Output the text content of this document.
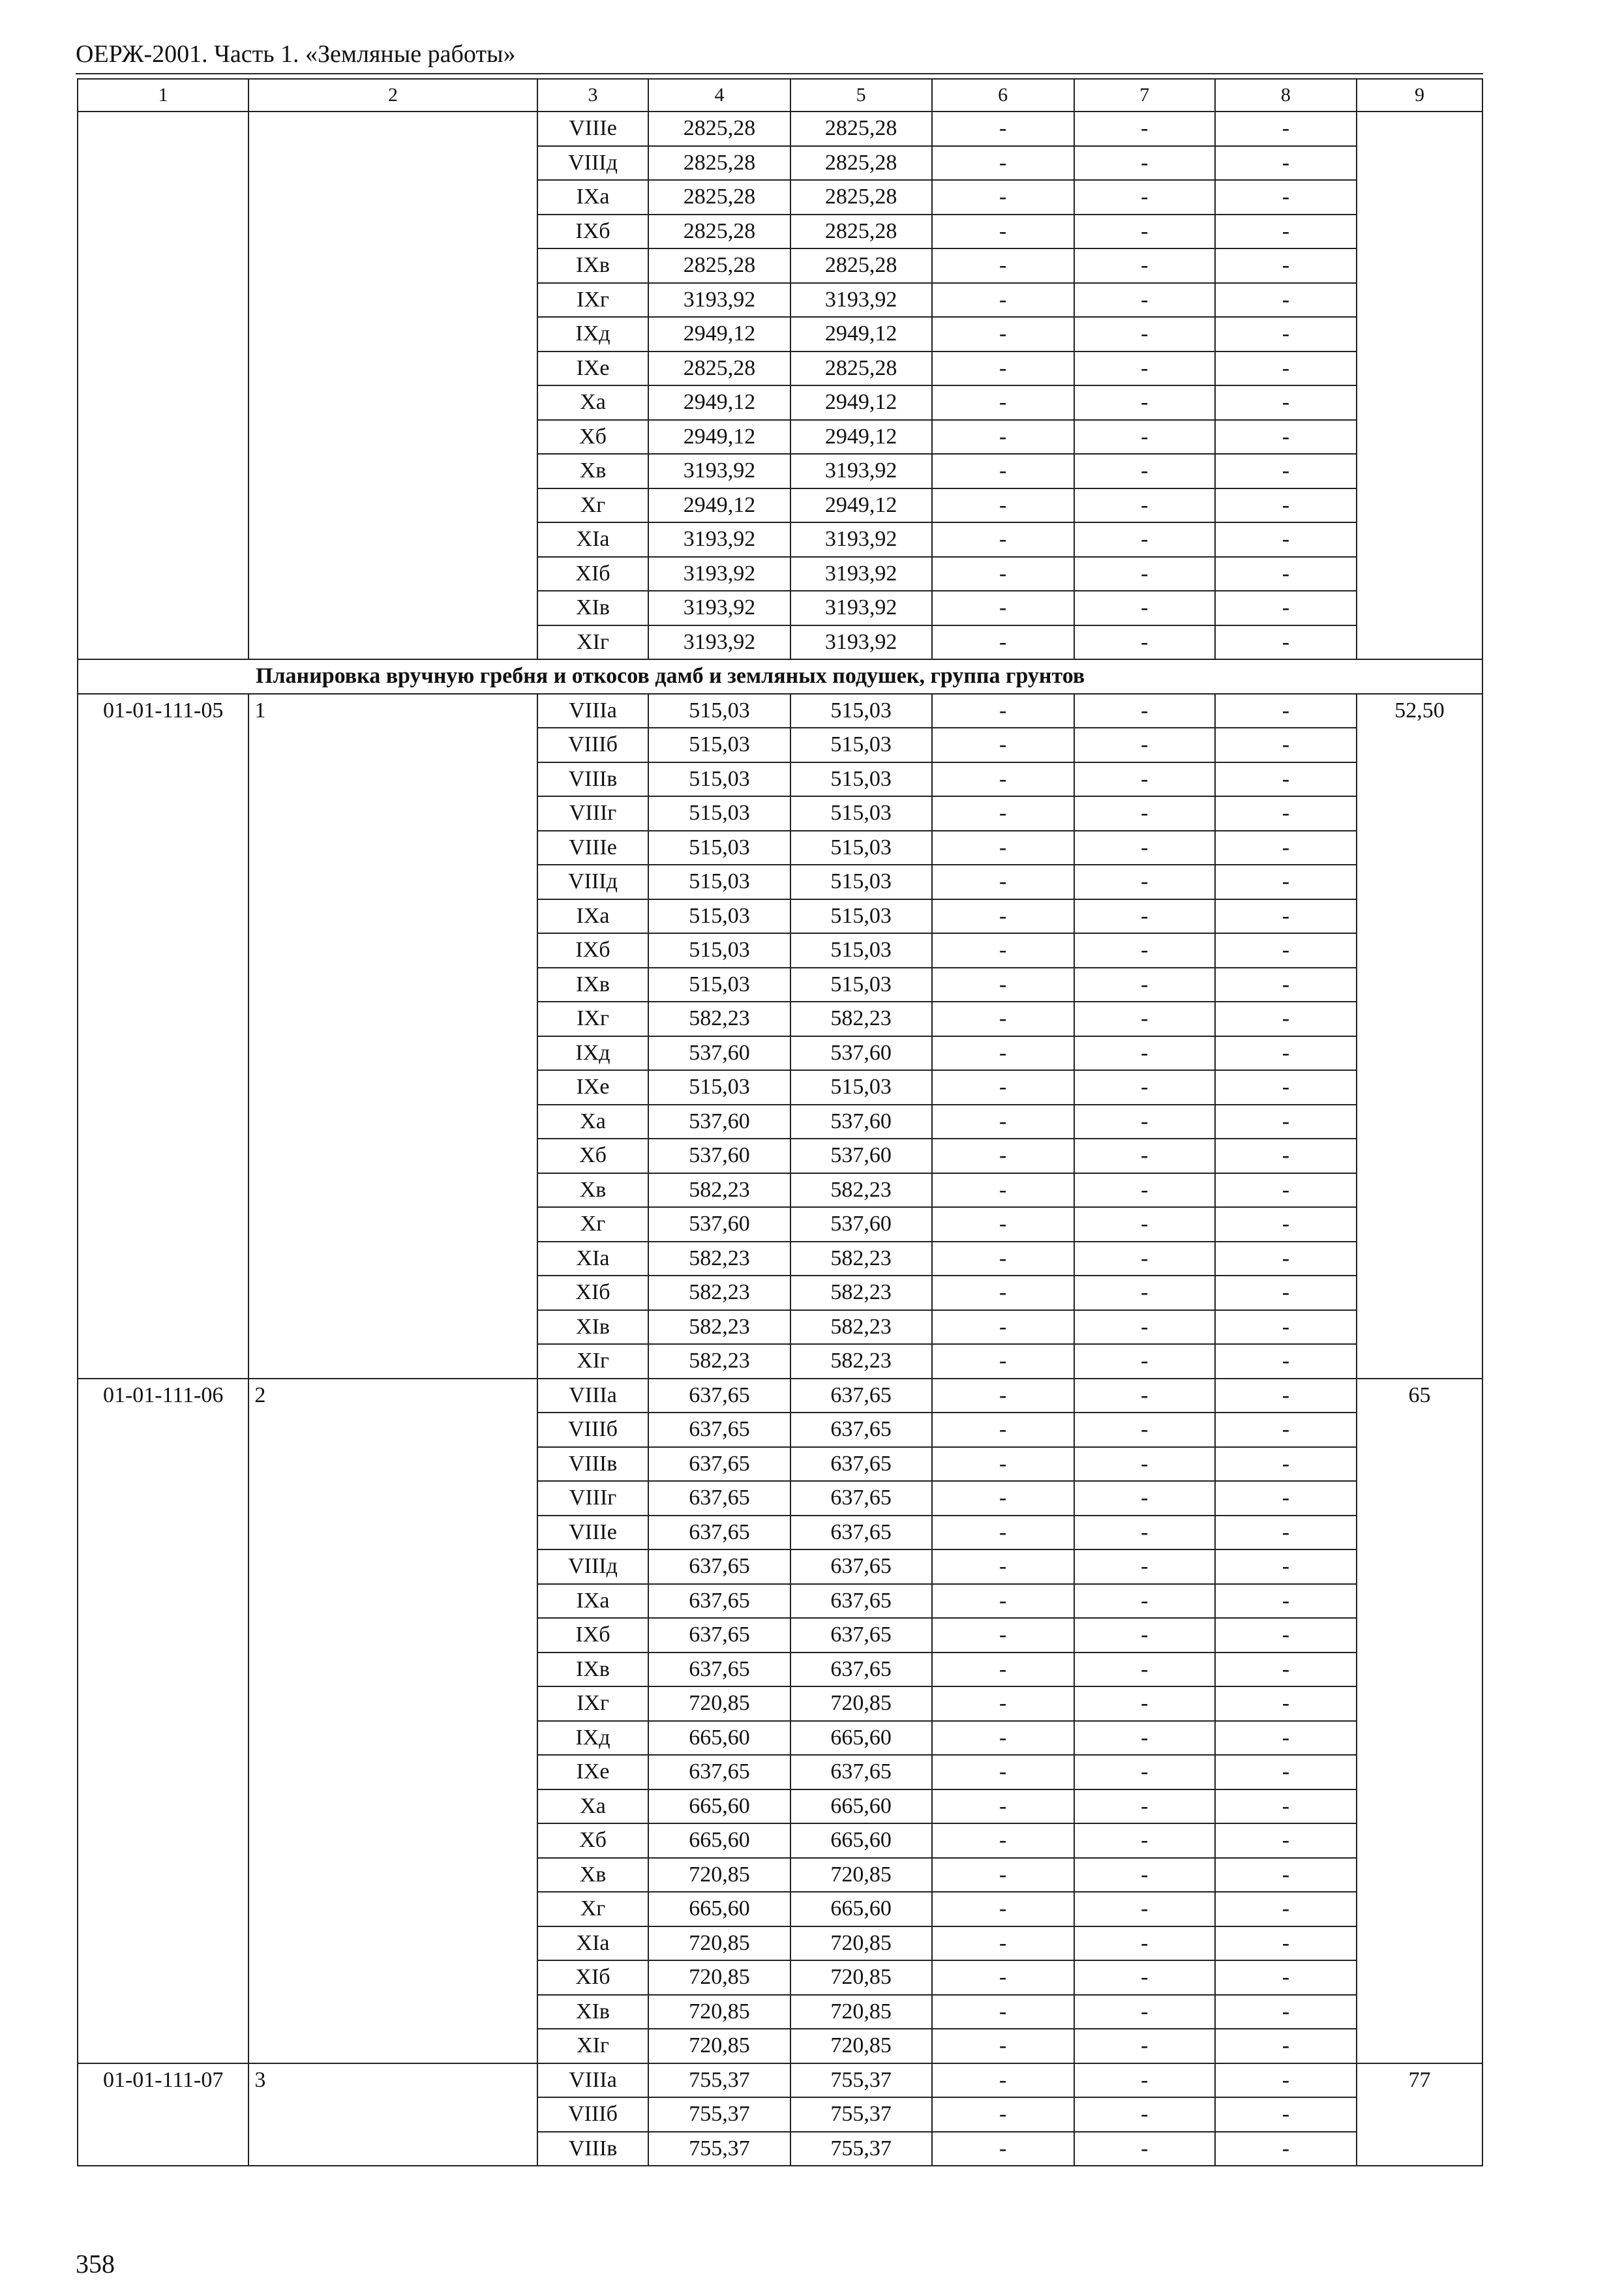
ОЕРЖ-2001. Часть 1. «Земляные работы»
1	2	3	4	5	6	7	8	9
		VIIIе	2825,28	2825,28	-	-	-	
		VIIIд	2825,28	2825,28	-	-	-	
		IXа	2825,28	2825,28	-	-	-	
		IXб	2825,28	2825,28	-	-	-	
		IXв	2825,28	2825,28	-	-	-	
		IXг	3193,92	3193,92	-	-	-	
		IXд	2949,12	2949,12	-	-	-	
		IXе	2825,28	2825,28	-	-	-	
		Xа	2949,12	2949,12	-	-	-	
		Xб	2949,12	2949,12	-	-	-	
		Xв	3193,92	3193,92	-	-	-	
		Xг	2949,12	2949,12	-	-	-	
		XIа	3193,92	3193,92	-	-	-	
		XIб	3193,92	3193,92	-	-	-	
		XIв	3193,92	3193,92	-	-	-	
		XIг	3193,92	3193,92	-	-	-	
Планировка вручную гребня и откосов дамб и земляных подушек, группа грунтов								
01-01-111-05	1	VIIIа	515,03	515,03	-	-	-	52,50
		VIIIб	515,03	515,03	-	-	-	
		VIIIв	515,03	515,03	-	-	-	
		VIIIг	515,03	515,03	-	-	-	
		VIIIе	515,03	515,03	-	-	-	
		VIIIд	515,03	515,03	-	-	-	
		IXа	515,03	515,03	-	-	-	
		IXб	515,03	515,03	-	-	-	
		IXв	515,03	515,03	-	-	-	
		IXг	582,23	582,23	-	-	-	
		IXд	537,60	537,60	-	-	-	
		IXе	515,03	515,03	-	-	-	
		Xа	537,60	537,60	-	-	-	
		Xб	537,60	537,60	-	-	-	
		Xв	582,23	582,23	-	-	-	
		Xг	537,60	537,60	-	-	-	
		XIа	582,23	582,23	-	-	-	
		XIб	582,23	582,23	-	-	-	
		XIв	582,23	582,23	-	-	-	
		XIг	582,23	582,23	-	-	-	
01-01-111-06	2	VIIIа	637,65	637,65	-	-	-	65
		VIIIб	637,65	637,65	-	-	-	
		VIIIв	637,65	637,65	-	-	-	
		VIIIг	637,65	637,65	-	-	-	
		VIIIе	637,65	637,65	-	-	-	
		VIIIд	637,65	637,65	-	-	-	
		IXа	637,65	637,65	-	-	-	
		IXб	637,65	637,65	-	-	-	
		IXв	637,65	637,65	-	-	-	
		IXг	720,85	720,85	-	-	-	
		IXд	665,60	665,60	-	-	-	
		IXе	637,65	637,65	-	-	-	
		Xа	665,60	665,60	-	-	-	
		Xб	665,60	665,60	-	-	-	
		Xв	720,85	720,85	-	-	-	
		Xг	665,60	665,60	-	-	-	
		XIа	720,85	720,85	-	-	-	
		XIб	720,85	720,85	-	-	-	
		XIв	720,85	720,85	-	-	-	
		XIг	720,85	720,85	-	-	-	
01-01-111-07	3	VIIIа	755,37	755,37	-	-	-	77
		VIIIб	755,37	755,37	-	-	-	
		VIIIв	755,37	755,37	-	-	-	
358
